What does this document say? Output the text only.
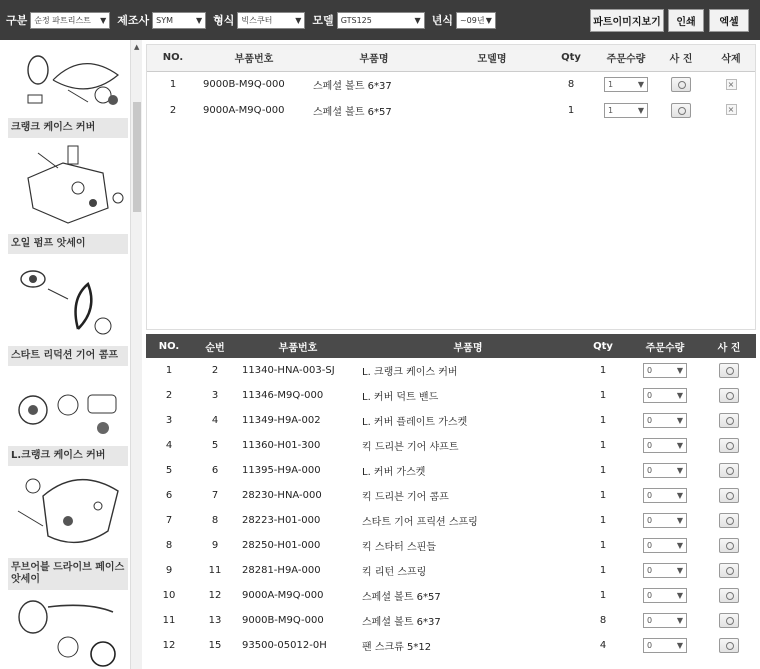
구분 순정 파트리스트 ▼ 제조사 SYM	▼ 형식 빅스쿠터	▼ 모델 GTS125	▼ 년식 ~09년 ▼	파트이미지보기	인쇄	엑셀
크랭크 케이스 커버
오일 펌프 앗세이
스타트 리덕션 기어 콤프
L.크랭크 케이스 커버
무브어블 드라이브 페이스 앗세이
▲
NO.	부품번호	부품명	모델명	Qty	주문수량	사 진	삭제
1	9000B-M9Q-000	스페셜 볼트 6*37		8	1 ▼		×
2	9000A-M9Q-000	스페셜 볼트 6*57		1	1 ▼		×
NO.	순번	부품번호	부품명	Qty	주문수량	사 진
1	2	11340-HNA-003-SJ	L. 크랭크 케이스 커버	1	0 ▼	

2	3	11346-M9Q-000	L. 커버 덕트 밴드	1	0 ▼	

3	4	11349-H9A-002	L. 커버 플레이트 가스켓	1	0 ▼	

4	5	11360-H01-300	킥 드리븐 기어 샤프트	1	0 ▼	

5	6	11395-H9A-000	L. 커버 가스켓	1	0 ▼	

6	7	28230-HNA-000	킥 드리븐 기어 콤프	1	0 ▼	

7	8	28223-H01-000	스타트 기어 프릭션 스프링	1	0 ▼	

8	9	28250-H01-000	킥 스타터 스핀들	1	0 ▼	

9	11	28281-H9A-000	킥 리턴 스프링	1	0 ▼	

10	12	9000A-M9Q-000	스페셜 볼트 6*57	1	0 ▼	

11	13	9000B-M9Q-000	스페셜 볼트 6*37	8	0 ▼	

12	15	93500-05012-0H	팬 스크류 5*12	4	0 ▼	
